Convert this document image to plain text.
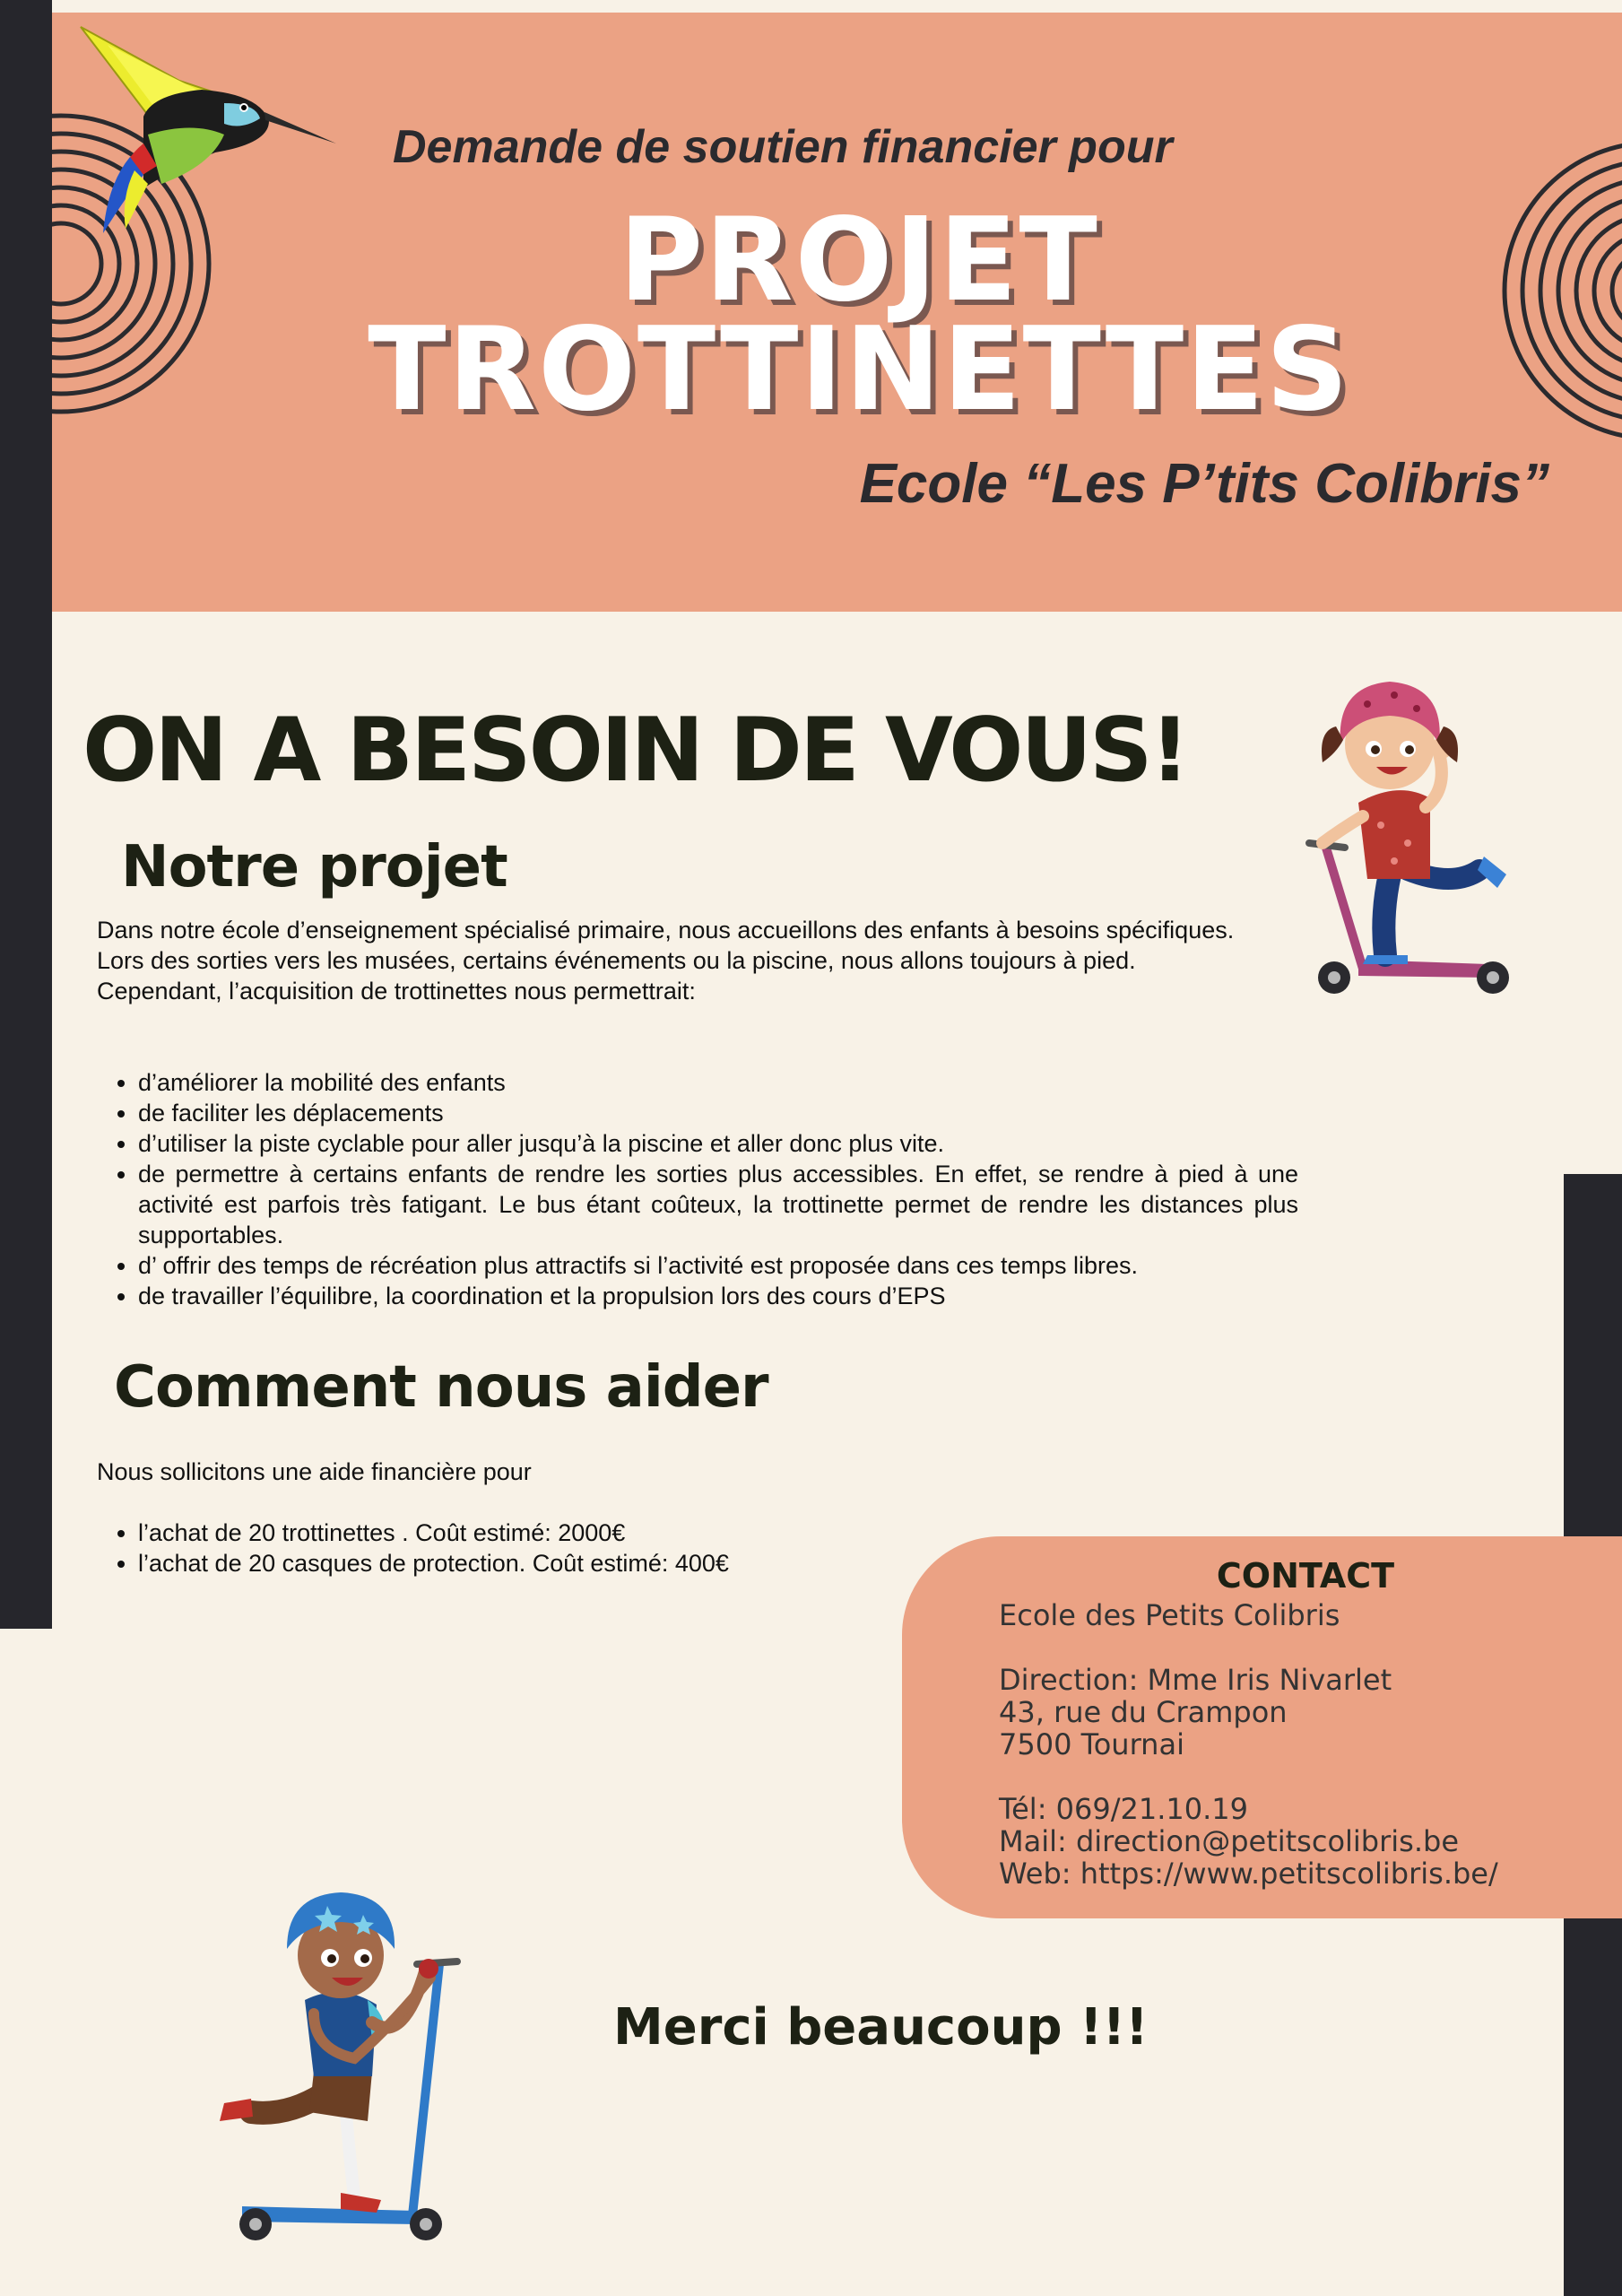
Demande de soutien financier pour
PROJET
TROTTINETTES
Ecole “Les P’tits Colibris”
ON A BESOIN DE VOUS!
Notre projet

Dans notre école d’enseignement spécialisé primaire, nous accueillons des enfants à besoins spécifiques.

Lors des sorties vers les musées, certains événements ou la piscine, nous allons toujours à pied.

Cependant, l’acquisition de trottinettes nous permettrait:

• d’améliorer la mobilité des enfants
• de faciliter les déplacements
• d’utiliser la piste cyclable pour aller jusqu’à la piscine et aller donc plus vite.
• de permettre à certains enfants de rendre les sorties plus accessibles. En effet, se rendre à pied à une activité est parfois très fatigant. Le bus étant coûteux, la trottinette permet de rendre les distances plus supportables.
• d’ offrir des temps de récréation plus attractifs si l’activité est proposée dans ces temps libres.
• de travailler l’équilibre, la coordination et la propulsion lors des cours d’EPS
Comment nous aider
Nous sollicitons une aide financière pour
• l’achat de 20 trottinettes . Coût estimé: 2000€
• l’achat de 20 casques de protection. Coût estimé: 400€	CONTACT
Ecole des Petits Colibris
Direction: Mme Iris Nivarlet
43, rue du Crampon
7500 Tournai
Tél: 069/21.10.19
Mail: direction@petitscolibris.be
Web: https://www.petitscolibris.be/
Merci beaucoup !!!
